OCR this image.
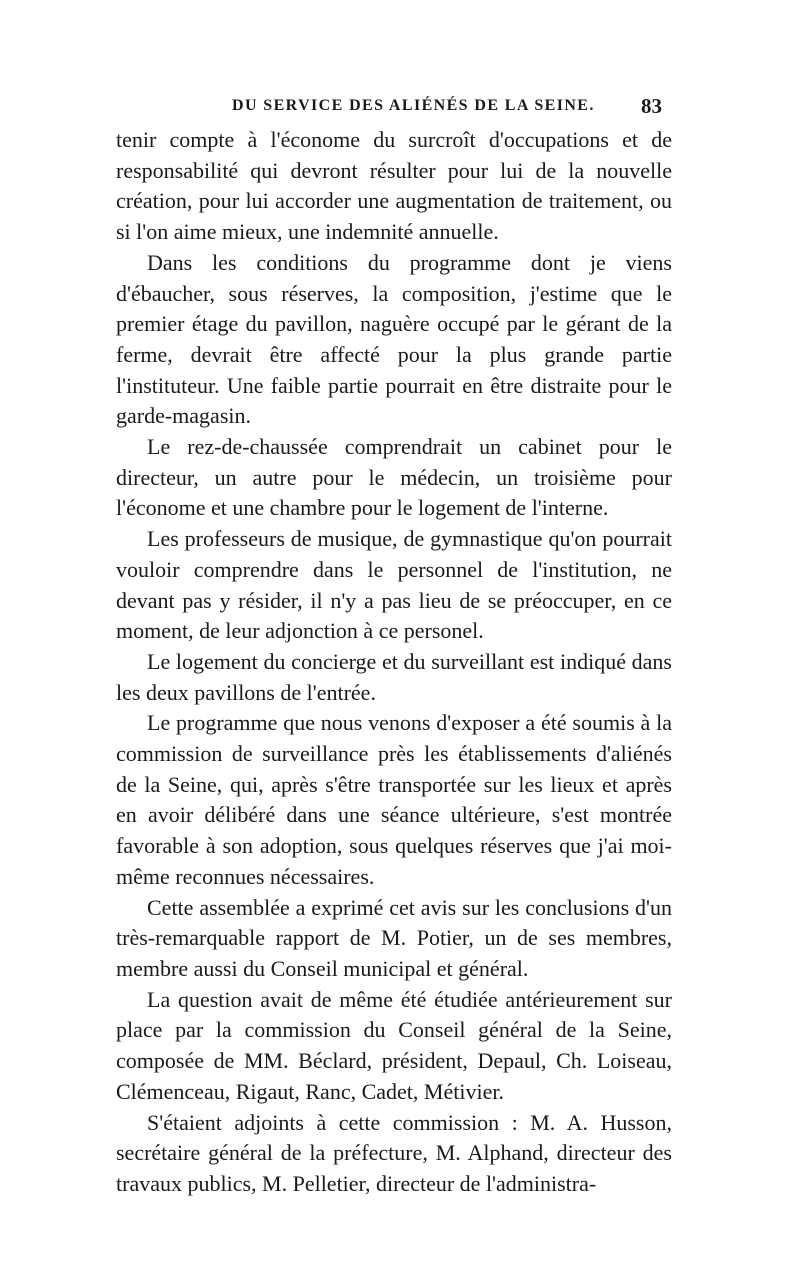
DU SERVICE DES ALIÉNÉS DE LA SEINE. 83

tenir compte à l'économe du surcroît d'occupations et de responsabilité qui devront résulter pour lui de la nouvelle création, pour lui accorder une augmentation de traitement, ou si l'on aime mieux, une indemnité annuelle.

Dans les conditions du programme dont je viens d'ébaucher, sous réserves, la composition, j'estime que le premier étage du pavillon, naguère occupé par le gérant de la ferme, devrait être affecté pour la plus grande partie l'instituteur. Une faible partie pourrait en être distraite pour le garde-magasin.

Le rez-de-chaussée comprendrait un cabinet pour le directeur, un autre pour le médecin, un troisième pour l'économe et une chambre pour le logement de l'interne.

Les professeurs de musique, de gymnastique qu'on pourrait vouloir comprendre dans le personnel de l'institution, ne devant pas y résider, il n'y a pas lieu de se préoccuper, en ce moment, de leur adjonction à ce personel.

Le logement du concierge et du surveillant est indiqué dans les deux pavillons de l'entrée.

Le programme que nous venons d'exposer a été soumis à la commission de surveillance près les établissements d'aliénés de la Seine, qui, après s'être transportée sur les lieux et après en avoir délibéré dans une séance ultérieure, s'est montrée favorable à son adoption, sous quelques réserves que j'ai moi-même reconnues nécessaires.

Cette assemblée a exprimé cet avis sur les conclusions d'un très-remarquable rapport de M. Potier, un de ses membres, membre aussi du Conseil municipal et général.

La question avait de même été étudiée antérieurement sur place par la commission du Conseil général de la Seine, composée de MM. Béclard, président, Depaul, Ch. Loiseau, Clémenceau, Rigaut, Ranc, Cadet, Métivier.

S'étaient adjoints à cette commission : M. A. Husson, secrétaire général de la préfecture, M. Alphand, directeur des travaux publics, M. Pelletier, directeur de l'administra-
